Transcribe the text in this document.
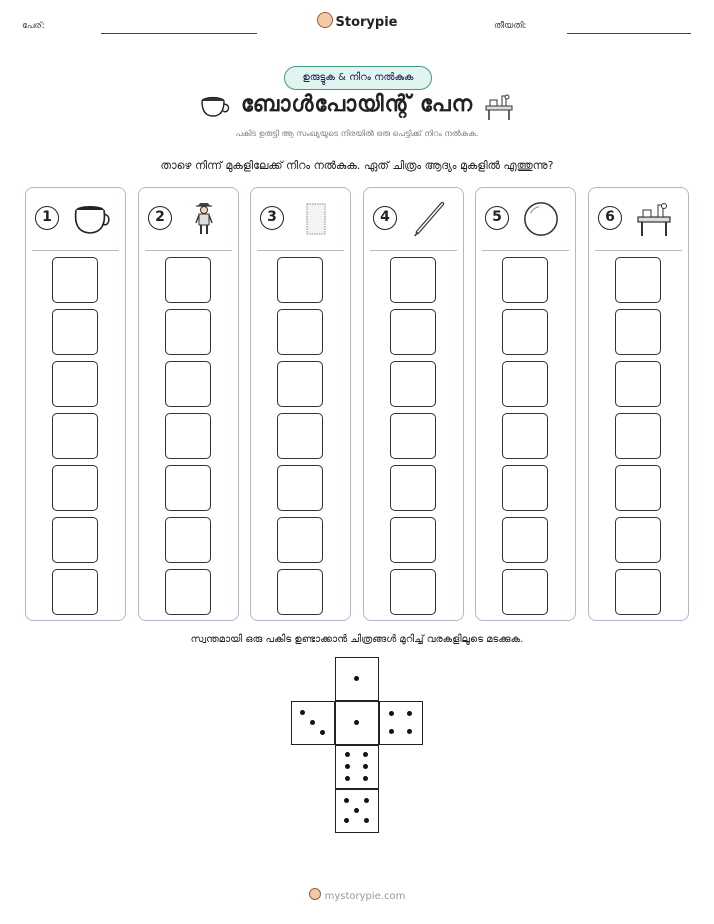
പേര്:	Storypie	തീയതി:
ഉരുട്ടുക & നിറം നൽകുക
ബോൾപോയിന്റ് പേന
പകിട ഉരുട്ടി ആ സംഖ്യയുടെ നിരയിൽ ഒരു പെട്ടിക്ക് നിറം നൽകുക.
താഴെ നിന്ന് മുകളിലേക്ക് നിറം നൽകുക. ഏത് ചിത്രം ആദ്യം മുകളിൽ എത്തുന്നു?
1	2	3	4	5	6
സ്വന്തമായി ഒരു പകിട ഉണ്ടാക്കാൻ ചിത്രങ്ങൾ മുറിച്ച് വരകളിലൂടെ മടക്കുക.
mystorypie.com
